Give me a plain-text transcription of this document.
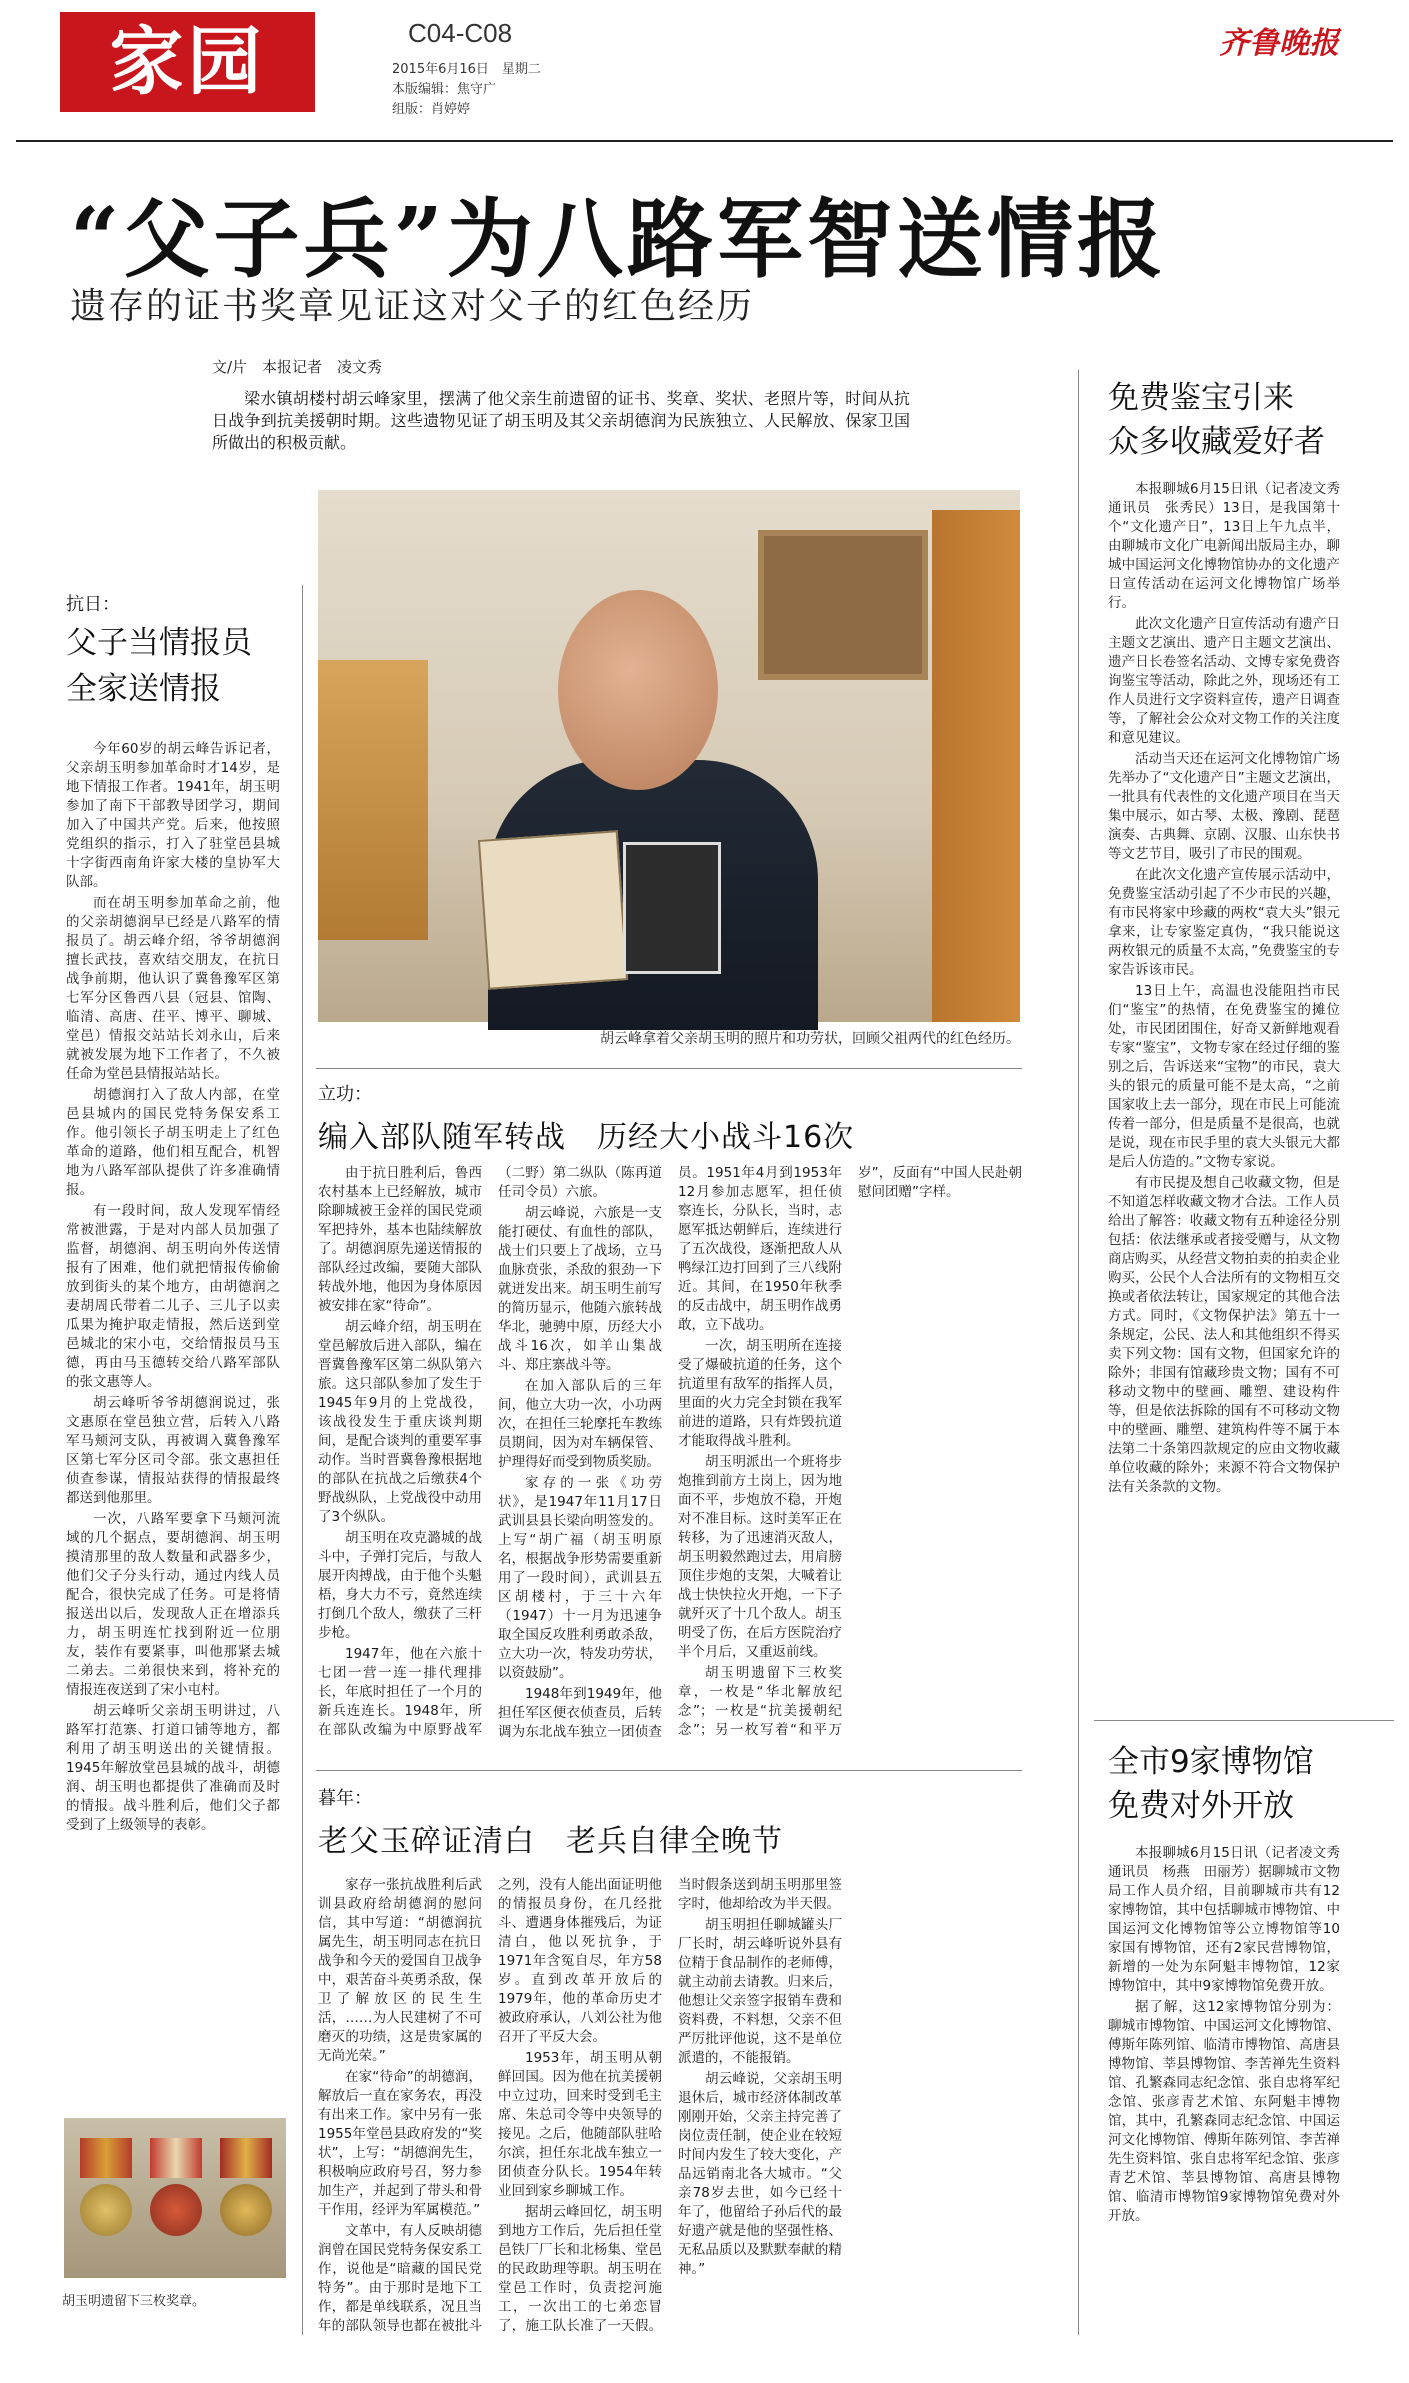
家园	C04-C08
2015年6月16日　星期二
本版编辑：焦守广
组版：肖婷婷
齐鲁晚报
“父子兵”为八路军智送情报
遗存的证书奖章见证这对父子的红色经历
文/片　本报记者　凌文秀
梁水镇胡楼村胡云峰家里，摆满了他父亲生前遗留的证书、奖章、奖状、老照片等，时间从抗日战争到抗美援朝时期。这些遗物见证了胡玉明及其父亲胡德润为民族独立、人民解放、保家卫国所做出的积极贡献。
胡云峰拿着父亲胡玉明的照片和功劳状，回顾父祖两代的红色经历。
抗日：
父子当情报员
全家送情报

今年60岁的胡云峰告诉记者，父亲胡玉明参加革命时才14岁，是地下情报工作者。1941年，胡玉明参加了南下干部教导团学习，期间加入了中国共产党。后来，他按照党组织的指示，打入了驻堂邑县城十字街西南角许家大楼的皇协军大队部。

而在胡玉明参加革命之前，他的父亲胡德润早已经是八路军的情报员了。胡云峰介绍，爷爷胡德润擅长武技，喜欢结交朋友，在抗日战争前期，他认识了冀鲁豫军区第七军分区鲁西八县（冠县、馆陶、临清、高唐、茌平、博平、聊城、堂邑）情报交站站长刘永山，后来就被发展为地下工作者了，不久被任命为堂邑县情报站站长。

胡德润打入了敌人内部，在堂邑县城内的国民党特务保安系工作。他引领长子胡玉明走上了红色革命的道路，他们相互配合，机智地为八路军部队提供了许多准确情报。

有一段时间，敌人发现军情经常被泄露，于是对内部人员加强了监督，胡德润、胡玉明向外传送情报有了困难，他们就把情报传偷偷放到街头的某个地方，由胡德润之妻胡周氏带着二儿子、三儿子以卖瓜果为掩护取走情报，然后送到堂邑城北的宋小屯，交给情报员马玉德，再由马玉德转交给八路军部队的张文惠等人。

胡云峰听爷爷胡德润说过，张文惠原在堂邑独立营，后转入八路军马颊河支队，再被调入冀鲁豫军区第七军分区司令部。张文惠担任侦查参谋，情报站获得的情报最终都送到他那里。

一次，八路军要拿下马颊河流域的几个据点，要胡德润、胡玉明摸清那里的敌人数量和武器多少，他们父子分头行动，通过内线人员配合，很快完成了任务。可是将情报送出以后，发现敌人正在增添兵力，胡玉明连忙找到附近一位朋友，装作有要紧事，叫他那紧去城二弟去。二弟很快来到，将补充的情报连夜送到了宋小屯村。

胡云峰听父亲胡玉明讲过，八路军打范寨、打道口铺等地方，都利用了胡玉明送出的关键情报。1945年解放堂邑县城的战斗，胡德润、胡玉明也都提供了准确而及时的情报。战斗胜利后，他们父子都受到了上级领导的表彰。

胡玉明遗留下三枚奖章。
立功：
编入部队随军转战　历经大小战斗16次

由于抗日胜利后，鲁西农村基本上已经解放，城市除聊城被王金祥的国民党顽军把持外，基本也陆续解放了。胡德润原先递送情报的部队经过改编，要随大部队转战外地，他因为身体原因被安排在家“待命”。

胡云峰介绍，胡玉明在堂邑解放后进入部队，编在晋冀鲁豫军区第二纵队第六旅。这只部队参加了发生于1945年9月的上党战役，该战役发生于重庆谈判期间，是配合谈判的重要军事动作。当时晋冀鲁豫根据地的部队在抗战之后缴获4个野战纵队，上党战役中动用了3个纵队。

胡玉明在攻克潞城的战斗中，子弹打完后，与敌人展开肉搏战，由于他个头魁梧，身大力不亏，竟然连续打倒几个敌人，缴获了三杆步枪。

1947年，他在六旅十七团一营一连一排代理排长，年底时担任了一个月的新兵连连长。1948年，所在部队改编为中原野战军（二野）第二纵队（陈再道任司令员）六旅。

胡云峰说，六旅是一支能打硬仗、有血性的部队，战士们只要上了战场，立马血脉贲张，杀敌的狠劲一下就迸发出来。胡玉明生前写的简历显示，他随六旅转战华北，驰骋中原，历经大小战斗16次，如羊山集战斗、郑庄寨战斗等。

在加入部队后的三年间，他立大功一次，小功两次，在担任三轮摩托车教练员期间，因为对车辆保管、护理得好而受到物质奖励。

家存的一张《功劳状》，是1947年11月17日武训县县长梁向明签发的。上写“胡广福（胡玉明原名，根据战争形势需要重新用了一段时间），武训县五区胡楼村，于三十六年（1947）十一月为迅速争取全国反攻胜利勇敢杀敌，立大功一次，特发功劳状，以资鼓励”。

1948年到1949年，他担任军区便衣侦查员，后转调为东北战车独立一团侦查员。1951年4月到1953年12月参加志愿军，担任侦察连长，分队长，当时，志愿军抵达朝鲜后，连续进行了五次战役，逐渐把敌人从鸭绿江边打回到了三八线附近。其间，在1950年秋季的反击战中，胡玉明作战勇敢，立下战功。

一次，胡玉明所在连接受了爆破抗道的任务，这个抗道里有敌军的指挥人员，里面的火力完全封锁在我军前进的道路，只有炸毁抗道才能取得战斗胜利。

胡玉明派出一个班将步炮推到前方土岗上，因为地面不平，步炮放不稳，开炮对不准目标。这时美军正在转移，为了迅速消灭敌人，胡玉明毅然跑过去，用肩膀顶住步炮的支架，大喊着让战士快快拉火开炮，一下子就歼灭了十几个敌人。胡玉明受了伤，在后方医院治疗半个月后，又重返前线。

胡玉明遗留下三枚奖章，一枚是“华北解放纪念”；一枚是“抗美援朝纪念”；另一枚写着“和平万岁”，反面有“中国人民赴朝慰问团赠”字样。

暮年：
老父玉碎证清白　老兵自律全晚节

家存一张抗战胜利后武训县政府给胡德润的慰问信，其中写道：“胡德润抗属先生，胡玉明同志在抗日战争和今天的爱国自卫战争中，艰苦奋斗英勇杀敌，保卫了解放区的民生生活，……为人民建树了不可磨灭的功绩，这是贵家属的无尚光荣。”

在家“待命”的胡德润，解放后一直在家务农，再没有出来工作。家中另有一张1955年堂邑县政府发的“奖状”，上写：“胡德润先生，积极响应政府号召，努力参加生产，并起到了带头和骨干作用，经评为军属模范。”

文革中，有人反映胡德润曾在国民党特务保安系工作，说他是“暗藏的国民党特务”。由于那时是地下工作，都是单线联系，况且当年的部队领导也都在被批斗之列，没有人能出面证明他的情报员身份，在几经批斗、遭遇身体摧残后，为证清白，他以死抗争，于1971年含冤自尽，年方58岁。直到改革开放后的1979年，他的革命历史才被政府承认，八刘公社为他召开了平反大会。

1953年，胡玉明从朝鲜回国。因为他在抗美援朝中立过功，回来时受到毛主席、朱总司令等中央领导的接见。之后，他随部队驻哈尔滨，担任东北战车独立一团侦查分队长。1954年转业回到家乡聊城工作。

据胡云峰回忆，胡玉明到地方工作后，先后担任堂邑铁厂厂长和北杨集、堂邑的民政助理等职。胡玉明在堂邑工作时，负责挖河施工，一次出工的七弟恋冒了，施工队长准了一天假。当时假条送到胡玉明那里签字时，他却给改为半天假。

胡玉明担任聊城罐头厂厂长时，胡云峰听说外县有位精于食品制作的老师傅，就主动前去请教。归来后，他想让父亲签字报销车费和资料费，不料想，父亲不但严厉批评他说，这不是单位派遣的，不能报销。

胡云峰说，父亲胡玉明退休后，城市经济体制改革刚刚开始，父亲主持完善了岗位责任制，使企业在较短时间内发生了较大变化，产品远销南北各大城市。“父亲78岁去世，如今已经十年了，他留给子孙后代的最好遗产就是他的坚强性格、无私品质以及默默奉献的精神。”

免费鉴宝引来
众多收藏爱好者

本报聊城6月15日讯（记者凌文秀　通讯员　张秀民）13日，是我国第十个“文化遗产日”，13日上午九点半，由聊城市文化广电新闻出版局主办，聊城中国运河文化博物馆协办的文化遗产日宣传活动在运河文化博物馆广场举行。

此次文化遗产日宣传活动有遗产日主题文艺演出、遗产日主题文艺演出、遗产日长卷签名活动、文博专家免费咨询鉴宝等活动，除此之外，现场还有工作人员进行文字资料宣传，遗产日调查等，了解社会公众对文物工作的关注度和意见建议。

活动当天还在运河文化博物馆广场先举办了“文化遗产日”主题文艺演出，一批具有代表性的文化遗产项目在当天集中展示，如古琴、太极、豫剧、琵琶演奏、古典舞、京剧、汉服、山东快书等文艺节目，吸引了市民的围观。

在此次文化遗产宣传展示活动中，免费鉴宝活动引起了不少市民的兴趣，有市民将家中珍藏的两枚“袁大头”银元拿来，让专家鉴定真伪，“我只能说这两枚银元的质量不太高，”免费鉴宝的专家告诉该市民。

13日上午，高温也没能阻挡市民们“鉴宝”的热情，在免费鉴宝的摊位处，市民团团围住，好奇又新鲜地观看专家“鉴宝”，文物专家在经过仔细的鉴别之后，告诉送来“宝物”的市民，袁大头的银元的质量可能不是太高，“之前国家收上去一部分，现在市民上可能流传着一部分，但是质量不是很高，也就是说，现在市民手里的袁大头银元大都是后人仿造的。”文物专家说。

有市民提及想自己收藏文物，但是不知道怎样收藏文物才合法。工作人员给出了解答：收藏文物有五种途径分别包括：依法继承或者接受赠与，从文物商店购买，从经营文物拍卖的拍卖企业购买，公民个人合法所有的文物相互交换或者依法转让，国家规定的其他合法方式。同时，《文物保护法》第五十一条规定，公民、法人和其他组织不得买卖下列文物：国有文物，但国家允许的除外；非国有馆藏珍贵文物；国有不可移动文物中的壁画、雕塑、建设构件等，但是依法拆除的国有不可移动文物中的壁画、雕塑、建筑构件等不属于本法第二十条第四款规定的应由文物收藏单位收藏的除外；来源不符合文物保护法有关条款的文物。

全市9家博物馆
免费对外开放

本报聊城6月15日讯（记者凌文秀　通讯员　杨燕　田丽芳）据聊城市文物局工作人员介绍，目前聊城市共有12家博物馆，其中包括聊城市博物馆、中国运河文化博物馆等公立博物馆等10家国有博物馆，还有2家民营博物馆，新增的一处为东阿魁丰博物馆，12家博物馆中，其中9家博物馆免费开放。

据了解，这12家博物馆分别为：聊城市博物馆、中国运河文化博物馆、傅斯年陈列馆、临清市博物馆、高唐县博物馆、莘县博物馆、李苦禅先生资料馆、孔繁森同志纪念馆、张自忠将军纪念馆、张彦青艺术馆、东阿魁丰博物馆，其中，孔繁森同志纪念馆、中国运河文化博物馆、傅斯年陈列馆、李苦禅先生资料馆、张自忠将军纪念馆、张彦青艺术馆、莘县博物馆、高唐县博物馆、临清市博物馆9家博物馆免费对外开放。
